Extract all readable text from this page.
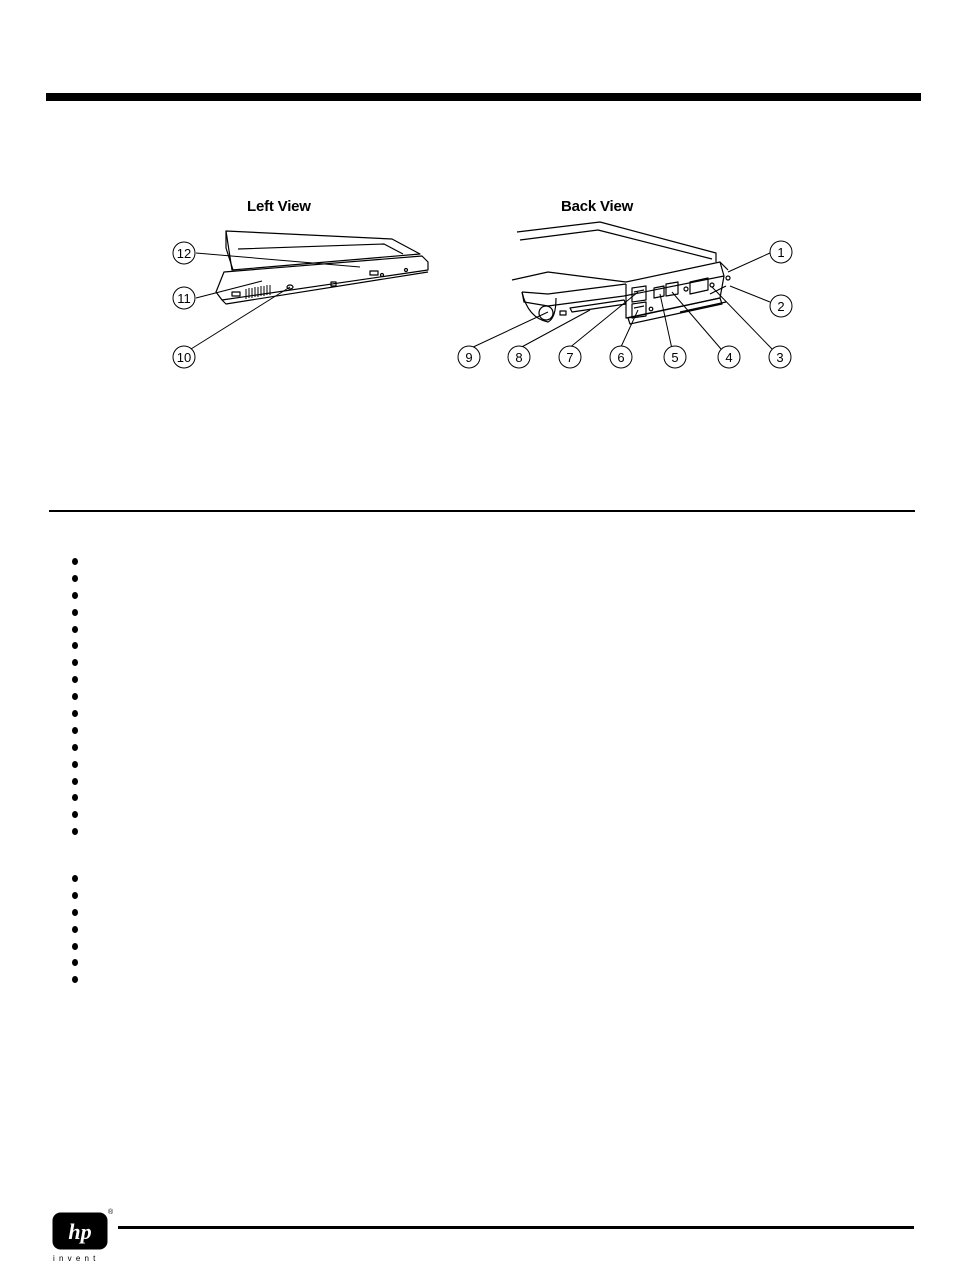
Left View	Back View
12
11
10
1
2
3
4
5
6
7
8
9
hp
®
invent
